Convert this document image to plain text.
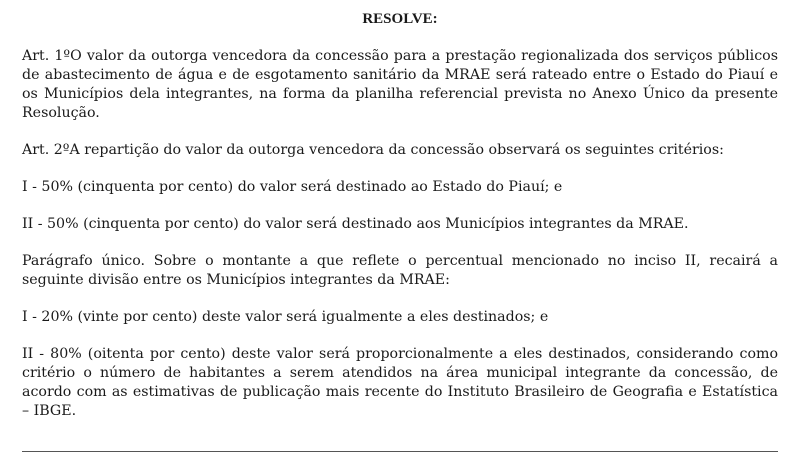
RESOLVE:

Art. 1ºO valor da outorga vencedora da concessão para a prestação regionalizada dos serviços públicos de abastecimento de água e de esgotamento sanitário da MRAE será rateado entre o Estado do Piauí e os Municípios dela integrantes, na forma da planilha referencial prevista no Anexo Único da presente Resolução.

Art. 2ºA repartição do valor da outorga vencedora da concessão observará os seguintes critérios:

I - 50% (cinquenta por cento) do valor será destinado ao Estado do Piauí; e

II - 50% (cinquenta por cento) do valor será destinado aos Municípios integrantes da MRAE.

Parágrafo único. Sobre o montante a que reflete o percentual mencionado no inciso II, recairá a seguinte divisão entre os Municípios integrantes da MRAE:

I - 20% (vinte por cento) deste valor será igualmente a eles destinados; e

II - 80% (oitenta por cento) deste valor será proporcionalmente a eles destinados, considerando como critério o número de habitantes a serem atendidos na área municipal integrante da concessão, de acordo com as estimativas de publicação mais recente do Instituto Brasileiro de Geografia e Estatística – IBGE.
